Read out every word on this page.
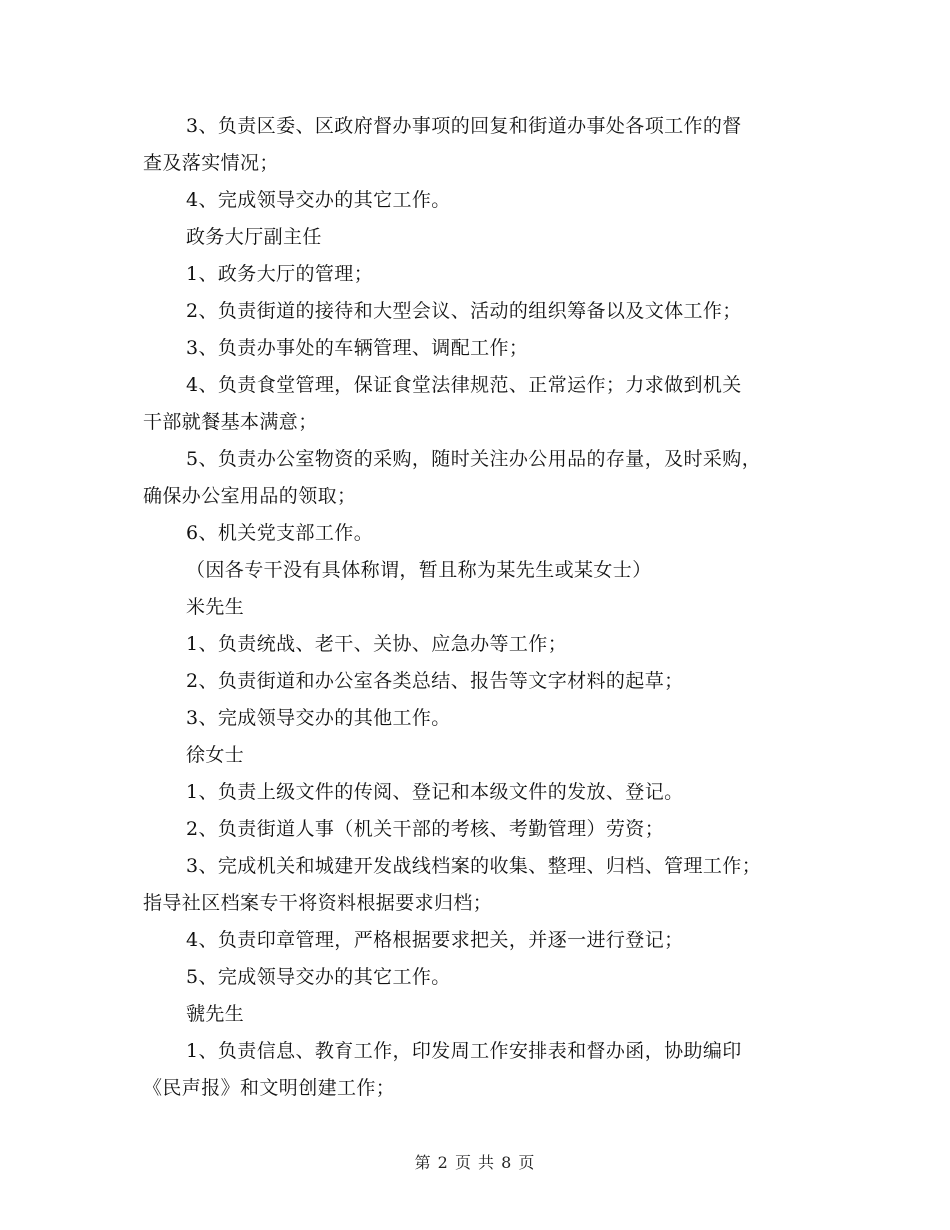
3、负责区委、区政府督办事项的回复和街道办事处各项工作的督
查及落实情况；
4、完成领导交办的其它工作。
政务大厅副主任
1、政务大厅的管理；
2、负责街道的接待和大型会议、活动的组织筹备以及文体工作；
3、负责办事处的车辆管理、调配工作；
4、负责食堂管理，保证食堂法律规范、正常运作；力求做到机关
干部就餐基本满意；
5、负责办公室物资的采购，随时关注办公用品的存量，及时采购，
确保办公室用品的领取；
6、机关党支部工作。
（因各专干没有具体称谓，暂且称为某先生或某女士）
米先生
1、负责统战、老干、关协、应急办等工作；
2、负责街道和办公室各类总结、报告等文字材料的起草；
3、完成领导交办的其他工作。
徐女士
1、负责上级文件的传阅、登记和本级文件的发放、登记。
2、负责街道人事（机关干部的考核、考勤管理）劳资；
3、完成机关和城建开发战线档案的收集、整理、归档、管理工作；
指导社区档案专干将资料根据要求归档；
4、负责印章管理，严格根据要求把关，并逐一进行登记；
5、完成领导交办的其它工作。
虢先生
1、负责信息、教育工作，印发周工作安排表和督办函，协助编印
《民声报》和文明创建工作；
第 2 页 共 8 页
